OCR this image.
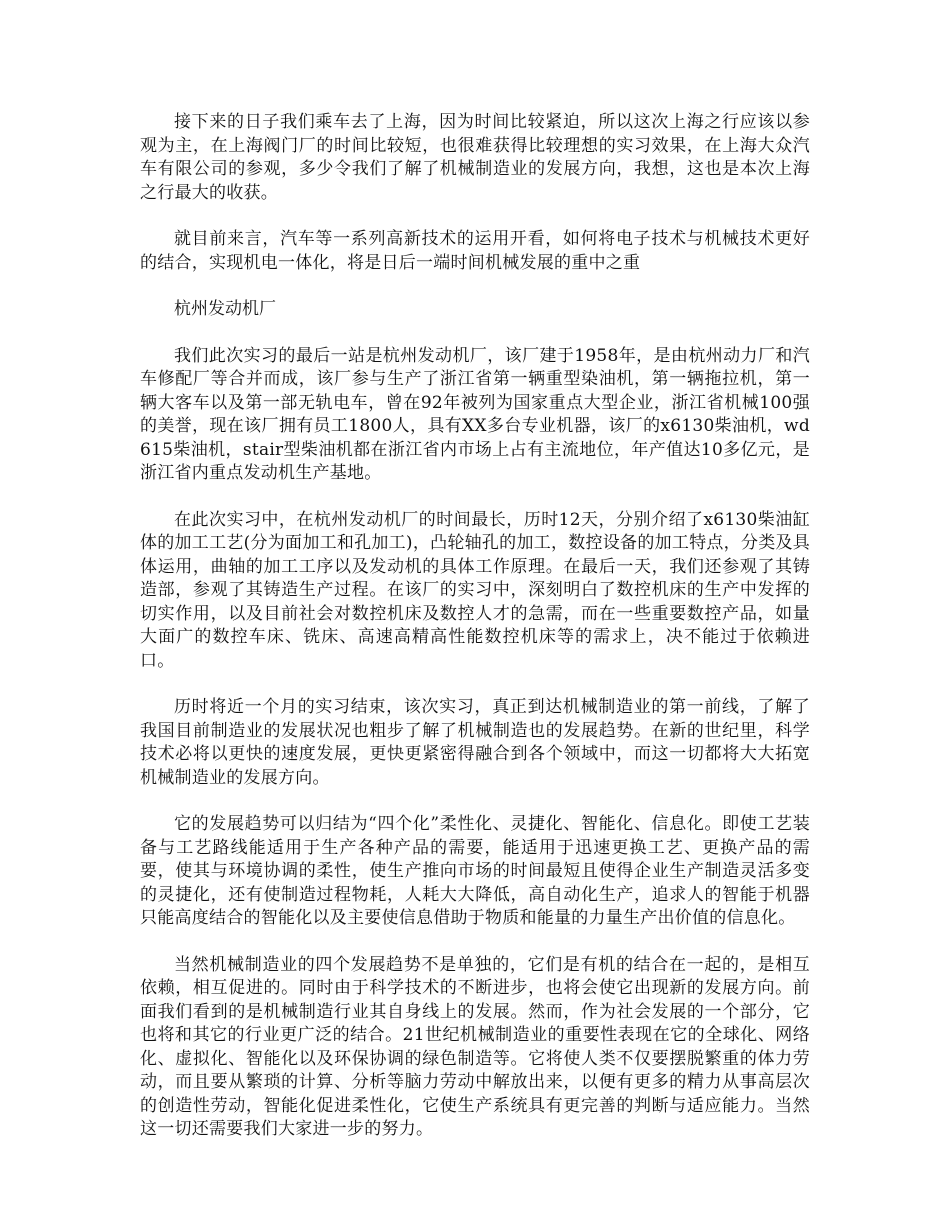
接下来的日子我们乘车去了上海，因为时间比较紧迫，所以这次上海之行应该以参观为主，在上海阀门厂的时间比较短，也很难获得比较理想的实习效果，在上海大众汽车有限公司的参观，多少令我们了解了机械制造业的发展方向，我想，这也是本次上海之行最大的收获。

就目前来言，汽车等一系列高新技术的运用开看，如何将电子技术与机械技术更好的结合，实现机电一体化，将是日后一端时间机械发展的重中之重

杭州发动机厂

我们此次实习的最后一站是杭州发动机厂，该厂建于1958年，是由杭州动力厂和汽车修配厂等合并而成，该厂参与生产了浙江省第一辆重型染油机，第一辆拖拉机，第一辆大客车以及第一部无轨电车，曾在92年被列为国家重点大型企业，浙江省机械100强的美誉，现在该厂拥有员工1800人，具有XX多台专业机器，该厂的x6130柴油机，wd615柴油机，stair型柴油机都在浙江省内市场上占有主流地位，年产值达10多亿元，是浙江省内重点发动机生产基地。

在此次实习中，在杭州发动机厂的时间最长，历时12天，分别介绍了x6130柴油缸体的加工工艺(分为面加工和孔加工)，凸轮轴孔的加工，数控设备的加工特点，分类及具体运用，曲轴的加工工序以及发动机的具体工作原理。在最后一天，我们还参观了其铸造部，参观了其铸造生产过程。在该厂的实习中，深刻明白了数控机床的生产中发挥的切实作用，以及目前社会对数控机床及数控人才的急需，而在一些重要数控产品，如量大面广的数控车床、铣床、高速高精高性能数控机床等的需求上，决不能过于依赖进口。

历时将近一个月的实习结束，该次实习，真正到达机械制造业的第一前线，了解了我国目前制造业的发展状况也粗步了解了机械制造也的发展趋势。在新的世纪里，科学技术必将以更快的速度发展，更快更紧密得融合到各个领域中，而这一切都将大大拓宽机械制造业的发展方向。

它的发展趋势可以归结为“四个化”柔性化、灵捷化、智能化、信息化。即使工艺装备与工艺路线能适用于生产各种产品的需要，能适用于迅速更换工艺、更换产品的需要，使其与环境协调的柔性，使生产推向市场的时间最短且使得企业生产制造灵活多变的灵捷化，还有使制造过程物耗，人耗大大降低，高自动化生产，追求人的智能于机器只能高度结合的智能化以及主要使信息借助于物质和能量的力量生产出价值的信息化。

当然机械制造业的四个发展趋势不是单独的，它们是有机的结合在一起的，是相互依赖，相互促进的。同时由于科学技术的不断进步，也将会使它出现新的发展方向。前面我们看到的是机械制造行业其自身线上的发展。然而，作为社会发展的一个部分，它也将和其它的行业更广泛的结合。21世纪机械制造业的重要性表现在它的全球化、网络化、虚拟化、智能化以及环保协调的绿色制造等。它将使人类不仅要摆脱繁重的体力劳动，而且要从繁琐的计算、分析等脑力劳动中解放出来，以便有更多的精力从事高层次的创造性劳动，智能化促进柔性化，它使生产系统具有更完善的判断与适应能力。当然这一切还需要我们大家进一步的努力。
